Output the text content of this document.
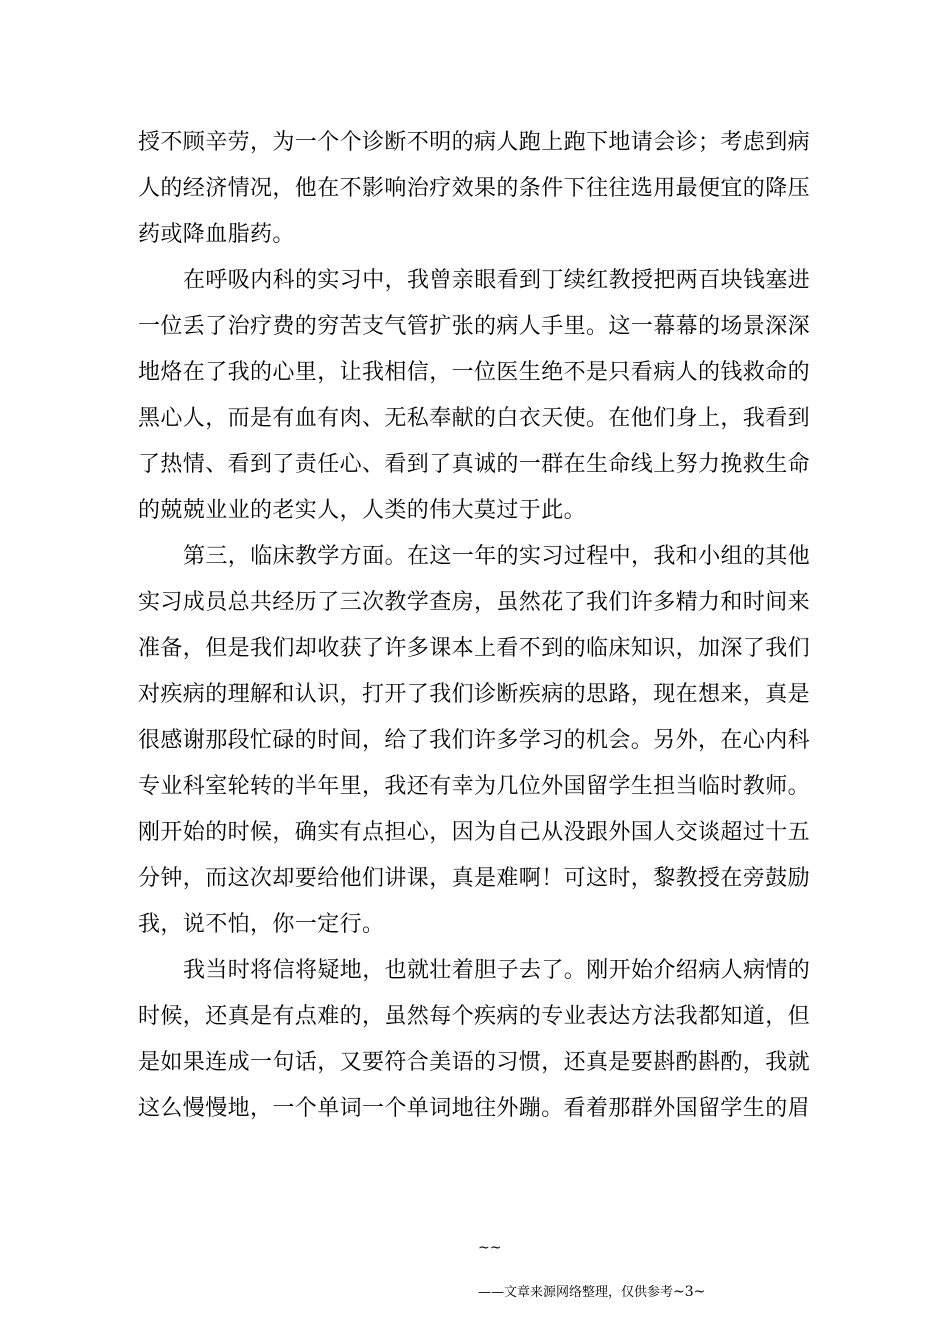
授不顾辛劳，为一个个诊断不明的病人跑上跑下地请会诊；考虑到病
人的经济情况，他在不影响治疗效果的条件下往往选用最便宜的降压
药或降血脂药。
在呼吸内科的实习中，我曾亲眼看到丁续红教授把两百块钱塞进
一位丢了治疗费的穷苦支气管扩张的病人手里。这一幕幕的场景深深
地烙在了我的心里，让我相信，一位医生绝不是只看病人的钱救命的
黑心人，而是有血有肉、无私奉献的白衣天使。在他们身上，我看到
了热情、看到了责任心、看到了真诚的一群在生命线上努力挽救生命
的兢兢业业的老实人，人类的伟大莫过于此。
第三，临床教学方面。在这一年的实习过程中，我和小组的其他
实习成员总共经历了三次教学查房，虽然花了我们许多精力和时间来
准备，但是我们却收获了许多课本上看不到的临床知识，加深了我们
对疾病的理解和认识，打开了我们诊断疾病的思路，现在想来，真是
很感谢那段忙碌的时间，给了我们许多学习的机会。另外，在心内科
专业科室轮转的半年里，我还有幸为几位外国留学生担当临时教师。
刚开始的时候，确实有点担心，因为自己从没跟外国人交谈超过十五
分钟，而这次却要给他们讲课，真是难啊！可这时，黎教授在旁鼓励
我，说不怕，你一定行。
我当时将信将疑地，也就壮着胆子去了。刚开始介绍病人病情的
时候，还真是有点难的，虽然每个疾病的专业表达方法我都知道，但
是如果连成一句话，又要符合美语的习惯，还真是要斟酌斟酌，我就
这么慢慢地，一个单词一个单词地往外蹦。看着那群外国留学生的眉
~~
——文章来源网络整理，仅供参考~3~
